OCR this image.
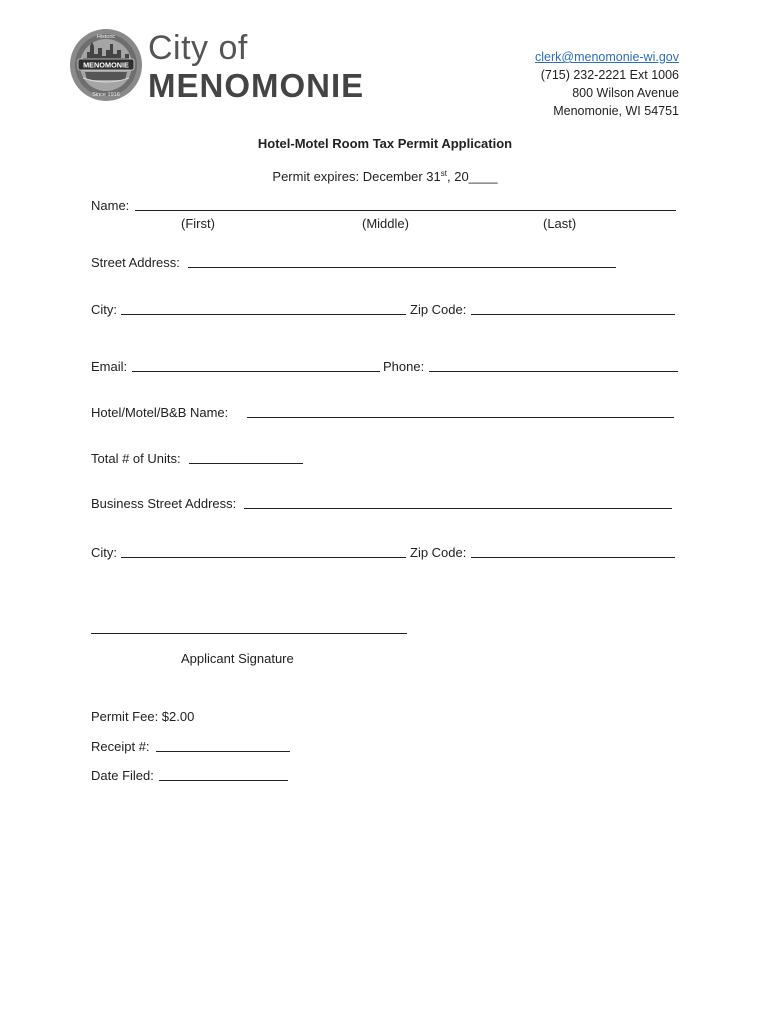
Historic
MENOMONIE
Since 1916
City of
MENOMONIE
clerk@menomonie-wi.gov
(715) 232-2221 Ext 1006
800 Wilson Avenue
Menomonie, WI 54751
Hotel-Motel Room Tax Permit Application
Permit expires: December 31st, 20____
Name:
(First)	(Middle)	(Last)
Street Address:
City:	Zip Code:
Email:	Phone:
Hotel/Motel/B&B Name:
Total # of Units:
Business Street Address:
City:	Zip Code:
Applicant Signature
Permit Fee: $2.00
Receipt #:
Date Filed:
